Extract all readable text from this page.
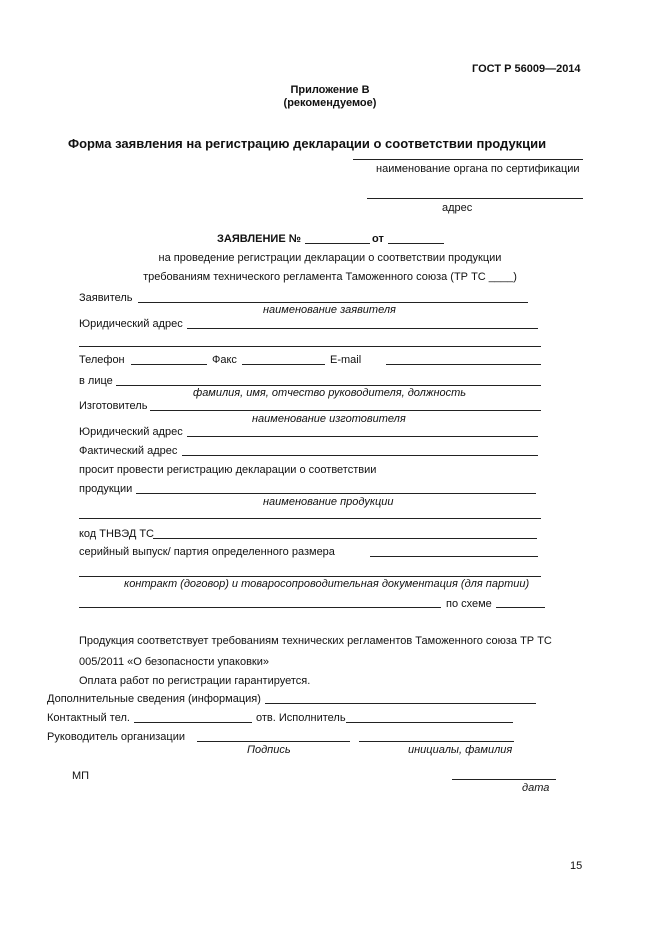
ГОСТ Р 56009—2014
Приложение В
(рекомендуемое)
Форма заявления на регистрацию декларации о соответствии продукции
наименование органа по сертификации
адрес
ЗАЯВЛЕНИЕ №	от
на проведение регистрации декларации о соответствии продукции
требованиям технического регламента Таможенного союза (ТР ТС ____)
Заявитель
наименование заявителя
Юридический адрес
Телефон	Факс	E-mail
в лице
фамилия, имя, отчество руководителя, должность
Изготовитель
наименование изготовителя
Юридический адрес
Фактический адрес
просит провести регистрацию декларации о соответствии
продукции
наименование продукции
код ТНВЭД ТС
серийный выпуск/ партия определенного размера
контракт (договор) и товаросопроводительная документация (для партии)
по схеме
Продукция соответствует требованиям технических регламентов Таможенного союза ТР ТС
005/2011 «О безопасности упаковки»
Оплата работ по регистрации гарантируется.
Дополнительные сведения (информация)
Контактный тел.	отв. Исполнитель
Руководитель организации
Подпись	инициалы, фамилия
МП
дата
15
